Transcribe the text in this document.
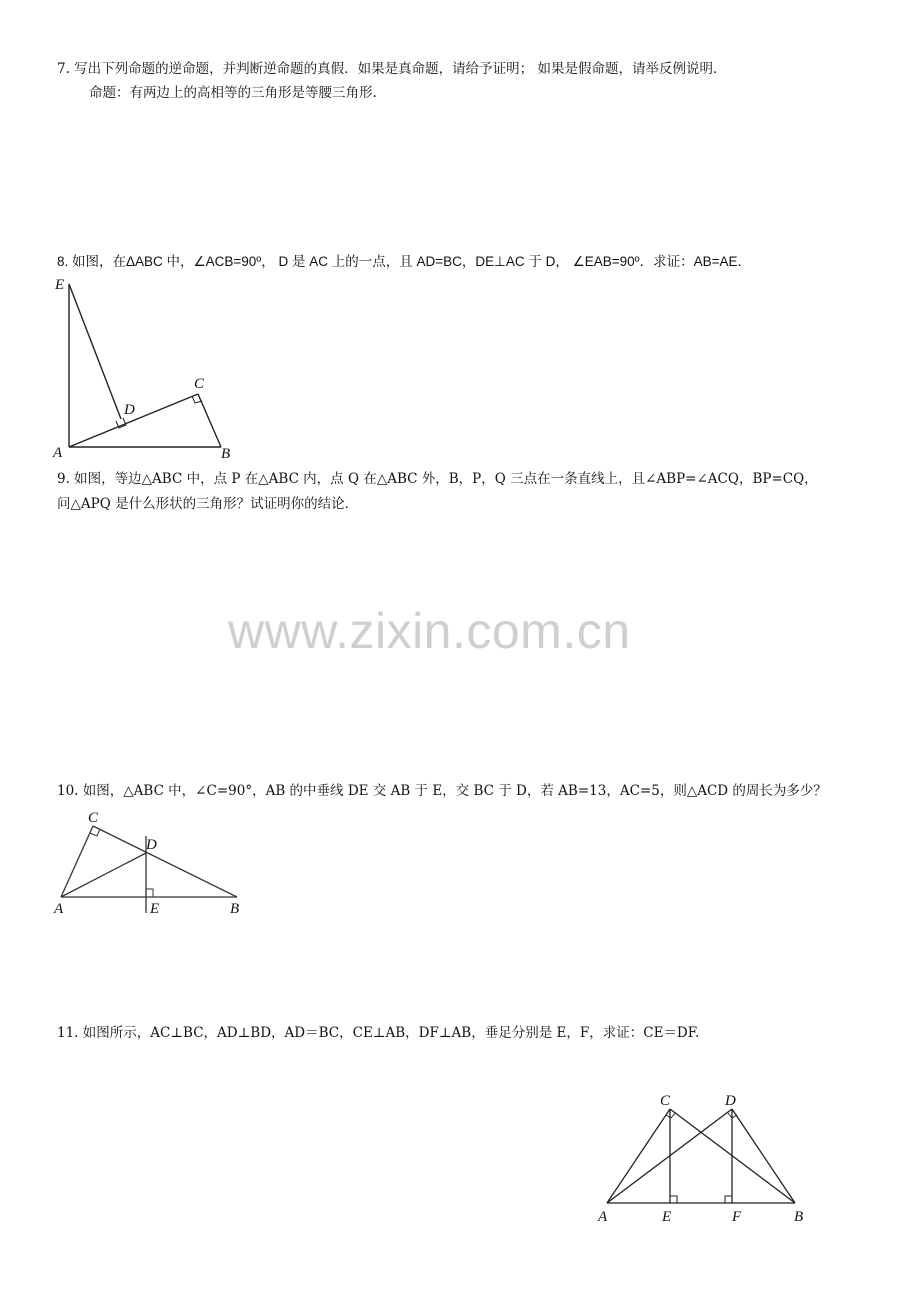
7. 写出下列命题的逆命题，并判断逆命题的真假．如果是真命题，请给予证明； 如果是假命题，请举反例说明．
命题：有两边上的高相等的三角形是等腰三角形.
8. 如图，在ΔABC 中，∠ACB=90º， D 是 AC 上的一点，且 AD=BC，DE⊥AC 于 D， ∠EAB=90º．求证：AB=AE．
E
D
C
A	B
9. 如图，等边△ABC 中，点 P 在△ABC 内，点 Q 在△ABC 外，B，P，Q 三点在一条直线上，且∠ABP=∠ACQ，BP=CQ，
问△APQ 是什么形状的三角形？试证明你的结论．
www.zixin.com.cn
10. 如图，△ABC 中，∠C=90°，AB 的中垂线 DE 交 AB 于 E，交 BC 于 D，若 AB=13，AC=5，则△ACD 的周长为多少？
C
D
A	E	B
11. 如图所示，AC⊥BC，AD⊥BD，AD＝BC，CE⊥AB，DF⊥AB，垂足分别是 E，F，求证：CE＝DF.
C	D
A	E	F	B
